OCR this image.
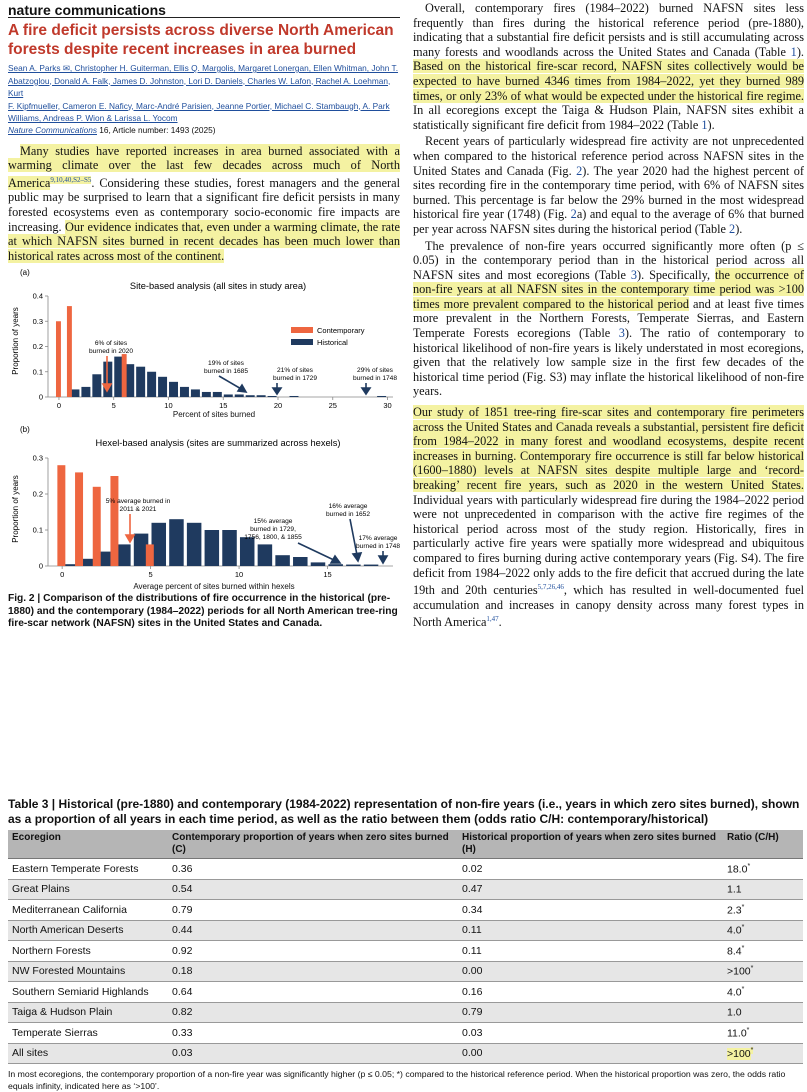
nature communications
A fire deficit persists across diverse North American forests despite recent increases in area burned
Sean A. Parks ✉, Christopher H. Guiterman, Ellis Q. Margolis, Margaret Lonergan, Ellen Whitman, John T.
Abatzoglou, Donald A. Falk, James D. Johnston, Lori D. Daniels, Charles W. Lafon, Rachel A. Loehman, Kurt
F. Kipfmueller, Cameron E. Naficy, Marc-André Parisien, Jeanne Portier, Michael C. Stambaugh, A. Park
Williams, Andreas P. Wion & Larissa L. Yocom
Nature Communications 16, Article number: 1493 (2025)

Many studies have reported increases in area burned associated with a warming climate over the last few decades across much of North America$^{9,10,40,S2-S5}$. Considering these studies, forest managers and the general public may be surprised to learn that a significant fire deficit persists in many forested ecosystems even as contemporary socio-economic fire impacts are increasing. Our evidence indicates that, even under a warming climate, the rate at which NAFSN sites burned in recent decades has been much lower than historical rates across most of the continent.

(a)
Site-based analysis (all sites in study area)
Proportion of years
0
0.1
0.2
0.3
0.4
0	5	10	15	20	25	30
Contemporary
Historical
6% of sites
burned in 2020
19% of sites
burned in 1685	21% of sites
burned in 1729
29% of sites
burned in 1748
Percent of sites burned
(b)
Hexel-based analysis (sites are summarized across hexels)
Proportion of years
0
0.1
0.2
0.3
0	5	10	15
5% average burned in
2011 & 2021
15% average
burned in 1729,
1756, 1800, & 1855
16% average
burned in 1652
17% average
burned in 1748
Average percent of sites burned within hexels
Fig. 2 | Comparison of the distributions of fire occurrence in the historical (pre-1880) and the contemporary (1984–2022) periods for all North American tree-ring fire-scar network (NAFSN) sites in the United States and Canada.

Overall, contemporary fires (1984–2022) burned NAFSN sites less frequently than fires during the historical reference period (pre-1880), indicating that a substantial fire deficit persists and is still accumulating across many forests and woodlands across the United States and Canada (Table 1). Based on the historical fire-scar record, NAFSN sites collectively would be expected to have burned 4346 times from 1984–2022, yet they burned 989 times, or only 23% of what would be expected under the historical fire regime. In all ecoregions except the Taiga & Hudson Plain, NAFSN sites exhibit a statistically significant fire deficit from 1984–2022 (Table 1).

Recent years of particularly widespread fire activity are not unprecedented when compared to the historical reference period across NAFSN sites in the United States and Canada (Fig. 2). The year 2020 had the highest percent of sites recording fire in the contemporary time period, with 6% of NAFSN sites burned. This percentage is far below the 29% burned in the most widespread historical fire year (1748) (Fig. 2a) and equal to the average of 6% that burned per year across NAFSN sites during the historical period (Table 2).

The prevalence of non-fire years occurred significantly more often (p ≤ 0.05) in the contemporary period than in the historical period across all NAFSN sites and most ecoregions (Table 3). Specifically, the occurrence of non-fire years at all NAFSN sites in the contemporary time period was >100 times more prevalent compared to the historical period and at least five times more prevalent in the Northern Forests, Temperate Sierras, and Eastern Temperate Forests ecoregions (Table 3). The ratio of contemporary to historical likelihood of non-fire years is likely understated in most ecoregions, given that the relatively low sample size in the first few decades of the historical time period (Fig. S3) may inflate the historical likelihood of non-fire years.

Our study of 1851 tree-ring fire-scar sites and contemporary fire perimeters across the United States and Canada reveals a substantial, persistent fire deficit from 1984–2022 in many forest and woodland ecosystems, despite recent increases in burning. Contemporary fire occurrence is still far below historical (1600–1880) levels at NAFSN sites despite multiple large and ‘record-breaking’ recent fire years, such as 2020 in the western United States. Individual years with particularly widespread fire during the 1984–2022 period were not unprecedented in comparison with the active fire regimes of the historical period across most of the study region. Historically, fires in particularly active fire years were spatially more widespread and ubiquitous compared to fires burning during active contemporary years (Fig. S4). The fire deficit from 1984–2022 only adds to the fire deficit that accrued during the late 19th and 20th centuries$^{5,7,26,46}$, which has resulted in well-documented fuel accumulation and increases in canopy density across many forest types in North America$^{1,47}$.

Table 3 | Historical (pre-1880) and contemporary (1984-2022) representation of non-fire years (i.e., years in which zero sites burned), shown as a proportion of all years in each time period, as well as the ratio between them (odds ratio C/H: contemporary/historical)
Ecoregion	Contemporary proportion of years when zero sites burned (C)	Historical proportion of years when zero sites burned (H)	Ratio (C/H)
Eastern Temperate Forests	0.36	0.02	18.0*
Great Plains	0.54	0.47	1.1
Mediterranean California	0.79	0.34	2.3*
North American Deserts	0.44	0.11	4.0*
Northern Forests	0.92	0.11	8.4*
NW Forested Mountains	0.18	0.00	>100*
Southern Semiarid Highlands	0.64	0.16	4.0*
Taiga & Hudson Plain	0.82	0.79	1.0
Temperate Sierras	0.33	0.03	11.0*
All sites	0.03	0.00	>100*
In most ecoregions, the contemporary proportion of a non-fire year was significantly higher (p ≤ 0.05; *) compared to the historical reference period. When the historical proportion was zero, the odds ratio equals infinity, indicated here as ‘>100’.
